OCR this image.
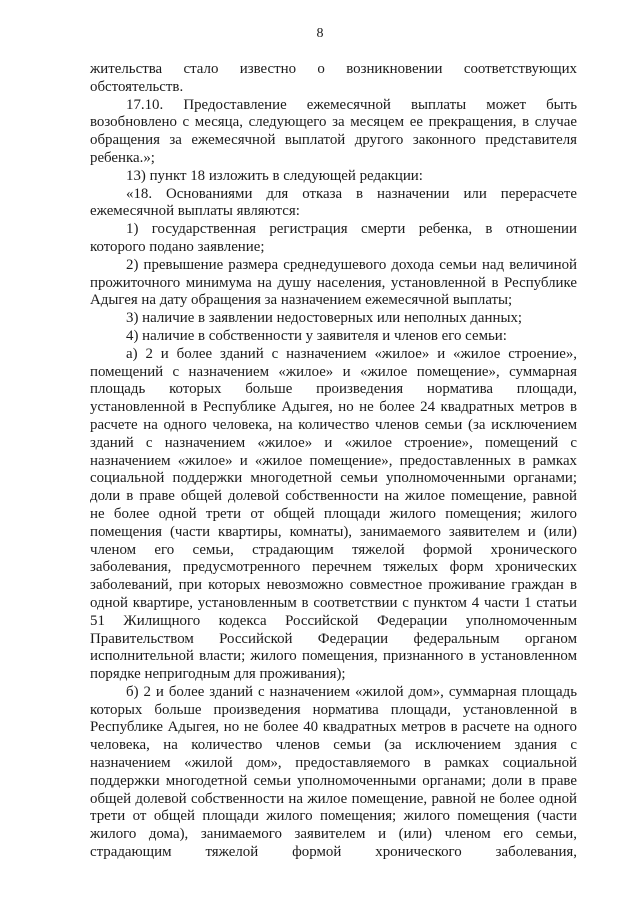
8
жительства стало известно о возникновении соответствующих
обстоятельств.
17.10. Предоставление ежемесячной выплаты может быть
возобновлено с месяца, следующего за месяцем ее прекращения, в случае
обращения за ежемесячной выплатой другого законного представителя
ребенка.»;
13) пункт 18 изложить в следующей редакции:
«18. Основаниями для отказа в назначении или перерасчете
ежемесячной выплаты являются:
1) государственная регистрация смерти ребенка, в отношении
которого подано заявление;
2) превышение размера среднедушевого дохода семьи над величиной
прожиточного минимума на душу населения, установленной в Республике
Адыгея на дату обращения за назначением ежемесячной выплаты;
3) наличие в заявлении недостоверных или неполных данных;
4) наличие в собственности у заявителя и членов его семьи:
а) 2 и более зданий с назначением «жилое» и «жилое строение»,
помещений с назначением «жилое» и «жилое помещение», суммарная
площадь которых больше произведения норматива площади,
установленной в Республике Адыгея, но не более 24 квадратных метров в
расчете на одного человека, на количество членов семьи (за исключением
зданий с назначением «жилое» и «жилое строение», помещений с
назначением «жилое» и «жилое помещение», предоставленных в рамках
социальной поддержки многодетной семьи уполномоченными органами;
доли в праве общей долевой собственности на жилое помещение, равной
не более одной трети от общей площади жилого помещения; жилого
помещения (части квартиры, комнаты), занимаемого заявителем и (или)
членом его семьи, страдающим тяжелой формой хронического
заболевания, предусмотренного перечнем тяжелых форм хронических
заболеваний, при которых невозможно совместное проживание граждан в
одной квартире, установленным в соответствии с пунктом 4 части 1 статьи
51 Жилищного кодекса Российской Федерации уполномоченным
Правительством Российской Федерации федеральным органом
исполнительной власти; жилого помещения, признанного в установленном
порядке непригодным для проживания);
б) 2 и более зданий с назначением «жилой дом», суммарная площадь
которых больше произведения норматива площади, установленной в
Республике Адыгея, но не более 40 квадратных метров в расчете на одного
человека, на количество членов семьи (за исключением здания с
назначением «жилой дом», предоставляемого в рамках социальной
поддержки многодетной семьи уполномоченными органами; доли в праве
общей долевой собственности на жилое помещение, равной не более одной
трети от общей площади жилого помещения; жилого помещения (части
жилого дома), занимаемого заявителем и (или) членом его семьи,
страдающим тяжелой формой хронического заболевания,
